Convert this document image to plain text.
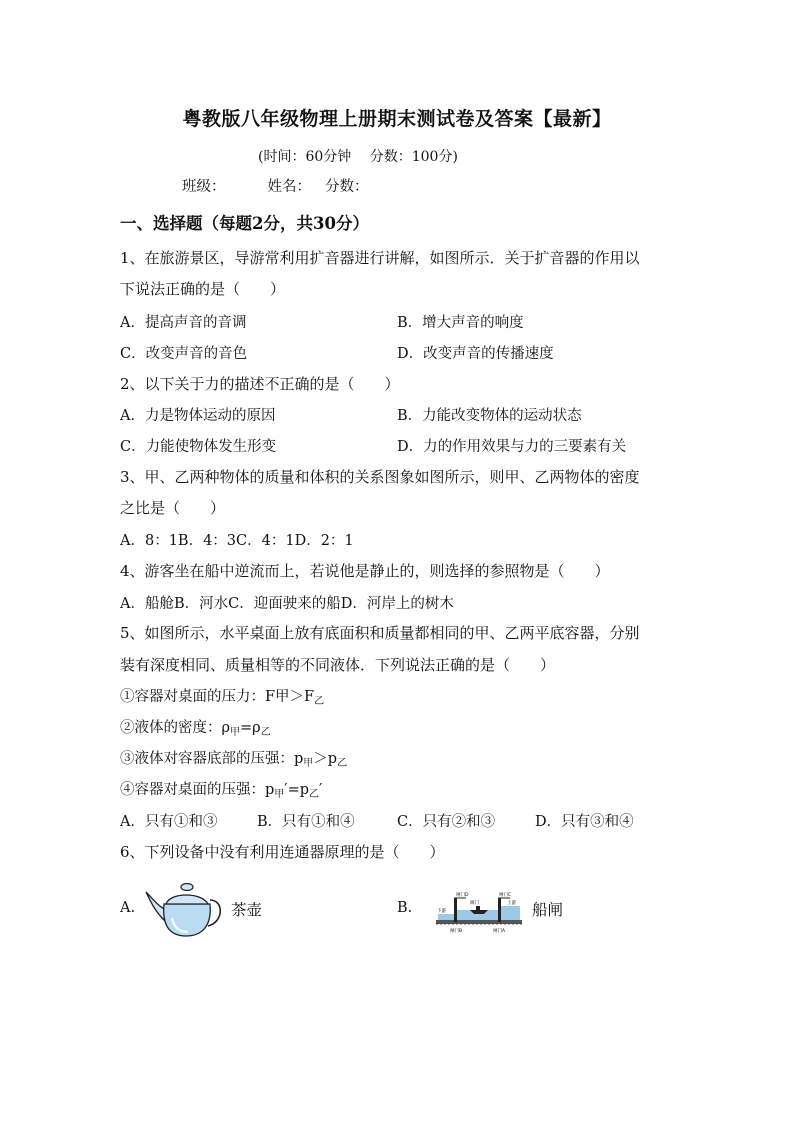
粤教版八年级物理上册期末测试卷及答案【最新】
(时间：60分钟　 分数：100分)
班级：	姓名： 分数：
一、选择题（每题2分，共30分）
1、在旅游景区，导游常利用扩音器进行讲解，如图所示．关于扩音器的作用以
下说法正确的是（　　）
A．提高声音的音调	B．增大声音的响度
C．改变声音的音色	D．改变声音的传播速度
2、以下关于力的描述不正确的是（　　）
A．力是物体运动的原因	B．力能改变物体的运动状态
C．力能使物体发生形变	D．力的作用效果与力的三要素有关
3、甲、乙两种物体的质量和体积的关系图象如图所示，则甲、乙两物体的密度
之比是（　　）
A．8：1B．4：3C．4：1D．2：1
4、游客坐在船中逆流而上，若说他是静止的，则选择的参照物是（　　）
A．船舱B．河水C．迎面驶来的船D．河岸上的树木
5、如图所示，水平桌面上放有底面积和质量都相同的甲、乙两平底容器，分别
装有深度相同、质量相等的不同液体．下列说法正确的是（　　）
①容器对桌面的压力：F甲$>F_乙$
②液体的密度：$\rho_甲=\rho_乙$
③液体对容器底部的压强：$p_甲>p_乙$
④容器对桌面的压强：$p_甲'=p_乙'$
A．只有①和③	B．只有①和④	C．只有②和③	D．只有③和④
6、下列设备中没有利用连通器原理的是（　　）
A.	茶壶	B.
闸门D	闸门C
阀门
下游
上游
闸门B	闸门A
船闸
